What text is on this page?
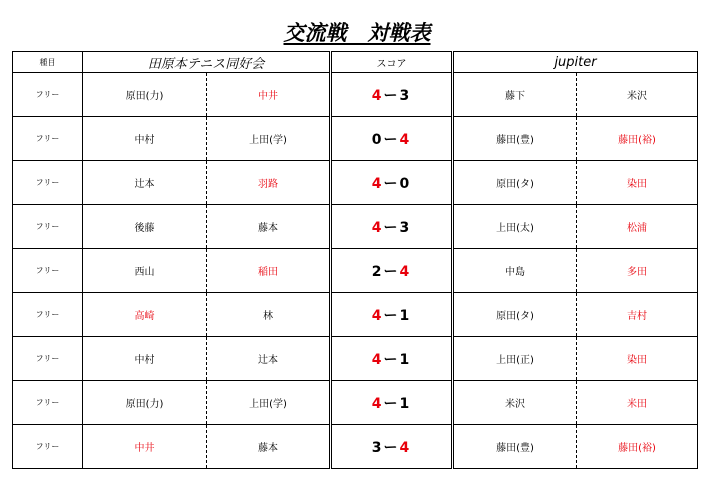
交流戦　対戦表
種目	田原本テニス同好会		スコア	jupiter	
フリー	原田(力)	中井	4ー3	藤下	米沢
フリー	中村	上田(学)	0ー4	藤田(豊)	藤田(裕)
フリー	辻本	羽路	4ー0	原田(タ)	染田
フリー	後藤	藤本	4ー3	上田(太)	松浦
フリー	西山	稲田	2ー4	中島	多田
フリー	高崎	林	4ー1	原田(タ)	吉村
フリー	中村	辻本	4ー1	上田(正)	染田
フリー	原田(力)	上田(学)	4ー1	米沢	米田
フリー	中井	藤本	3ー4	藤田(豊)	藤田(裕)
